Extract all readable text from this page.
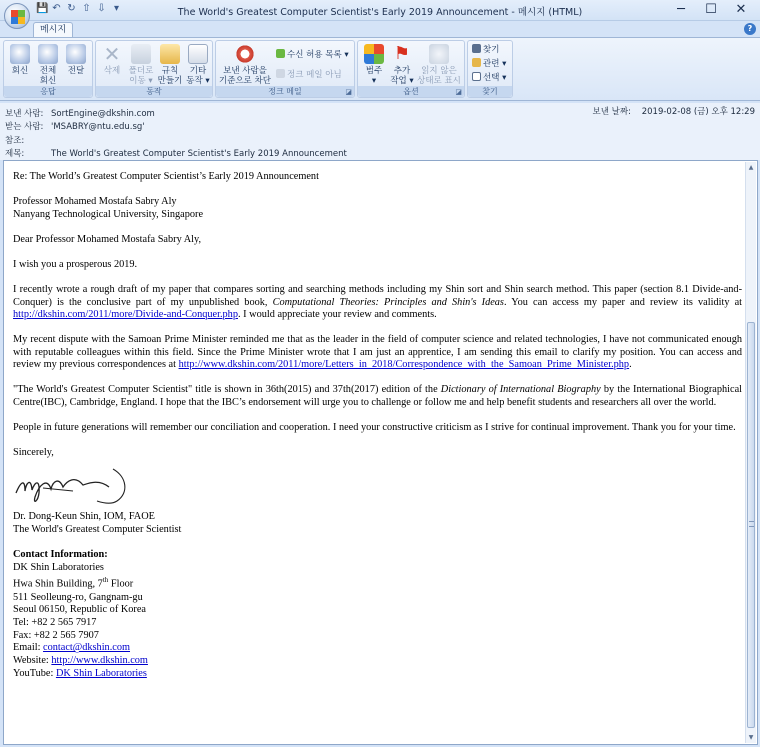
💾 ↶ ↻ ⇧ ⇩ ▾	The World's Greatest Computer Scientist's Early 2019 Announcement - 메시지 (HTML)	─	☐	✕
메시지	?
회신	전체
회신
전달
응답
✕
삭제 폴더로
이동 ▾
규칙
만들기
기타
동작 ▾
동작
보낸 사람을
기준으로 차단
수신 허용 목록 ▾
정크 메일 아님
정크 메일	◪
범주
▾
⚑
추가
작업 ▾
읽지 않은
상태로 표시
옵션	◪
찾기
관련 ▾
선택 ▾
찾기
보낸 사람: SortEngine@dkshin.com
받는 사람: 'MSABRY@ntu.edu.sg'
참조:
제목:	The World's Greatest Computer Scientist's Early 2019 Announcement
보낸 날짜: 2019-02-08 (금) 오후 12:29

Re: The World’s Greatest Computer Scientist’s Early 2019 Announcement

Professor Mohamed Mostafa Sabry Aly
Nanyang Technological University, Singapore

Dear Professor Mohamed Mostafa Sabry Aly,

I wish you a prosperous 2019.

I recently wrote a rough draft of my paper that compares sorting and searching methods including my Shin sort and Shin search method. This paper (section 8.1 Divide-and-Conquer) is the conclusive part of my unpublished book, Computational Theories: Principles and Shin's Ideas. You can access my paper and review its validity at http://dkshin.com/2011/more/Divide-and-Conquer.php. I would appreciate your review and comments.

My recent dispute with the Samoan Prime Minister reminded me that as the leader in the field of computer science and related technologies, I have not communicated enough with reputable colleagues within this field. Since the Prime Minister wrote that I am just an apprentice, I am sending this email to clarify my position. You can access and review my previous correspondences at http://www.dkshin.com/2011/more/Letters_in_2018/Correspondence_with_the_Samoan_Prime_Minister.php.

"The World's Greatest Computer Scientist" title is shown in 36th(2015) and 37th(2017) edition of the Dictionary of International Biography by the International Biographical Centre(IBC), Cambridge, England. I hope that the IBC’s endorsement will urge you to challenge or follow me and help benefit students and researchers all over the world.

People in future generations will remember our conciliation and cooperation. I need your constructive criticism as I strive for continual improvement. Thank you for your time.

Sincerely,

Dr. Dong-Keun Shin, IOM, FAOE
The World's Greatest Computer Scientist

Contact Information:
DK Shin Laboratories
Hwa Shin Building, 7th Floor
511 Seolleung-ro, Gangnam-gu
Seoul 06150, Republic of Korea
Tel: +82 2 565 7917
Fax: +82 2 565 7907
Email: contact@dkshin.com
Website: http://www.dkshin.com
YouTube: DK Shin Laboratories
▲
▼
